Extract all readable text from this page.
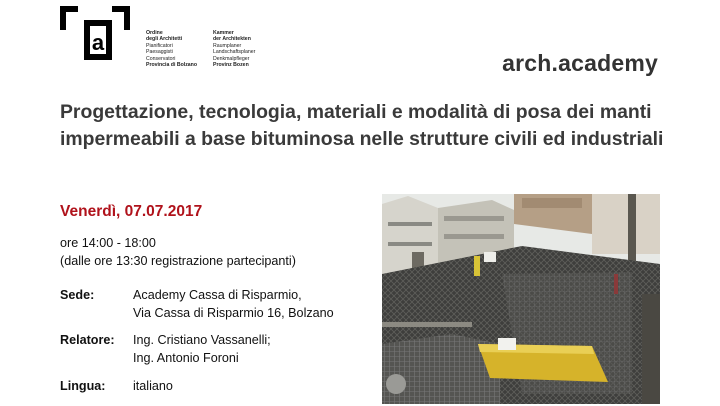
a	Ordine
degli Architetti
Pianificatori
Paesaggisti
Conservatori
Provincia di Bolzano
Kammer
der Architekten
Raumplaner
Landschaftsplaner
Denkmalpfleger
Provinz Bozen	arch.academy
Progettazione, tecnologia, materiali e modalità di posa dei manti impermeabili a base bituminosa nelle strutture civili ed industriali
Venerdì, 07.07.2017
ore 14:00 - 18:00
(dalle ore 13:30 registrazione partecipanti)
Sede:	Academy Cassa di Risparmio,
Via Cassa di Risparmio 16, Bolzano
Relatore: Ing. Cristiano Vassanelli;
Ing. Antonio Foroni
Lingua: italiano
